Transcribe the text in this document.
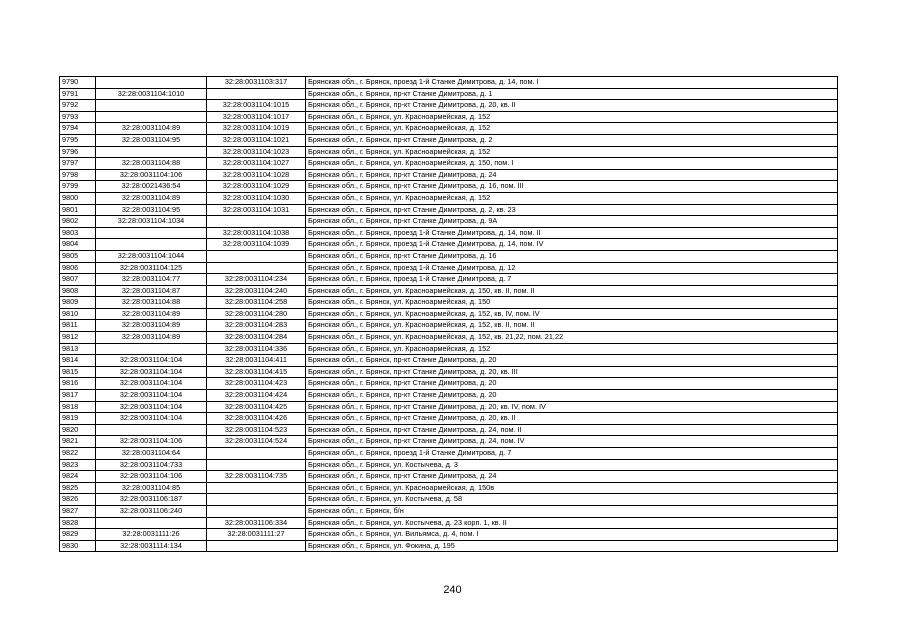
9790		32:28:0031103:317	Брянская обл., г. Брянск, проезд 1-й Станке Димитрова, д. 14, пом. I
9791	32:28:0031104:1010		Брянская обл., г. Брянск, пр-кт Станке Димитрова, д. 1
9792		32:28:0031104:1015	Брянская обл., г. Брянск, пр-кт Станке Димитрова, д. 20, кв. II
9793		32:28:0031104:1017	Брянская обл., г. Брянск, ул. Красноармейская, д. 152
9794	32:28:0031104:89	32:28:0031104:1019	Брянская обл., г. Брянск, ул. Красноармейская, д. 152
9795	32:28:0031104:95	32:28:0031104:1021	Брянская обл., г. Брянск, пр-кт Станке Димитрова, д. 2
9796		32:28:0031104:1023	Брянская обл., г. Брянск, ул. Красноармейская, д. 152
9797	32:28:0031104:88	32:28:0031104:1027	Брянская обл., г. Брянск, ул. Красноармейская, д. 150, пом. I
9798	32:28:0031104:106	32:28:0031104:1028	Брянская обл., г. Брянск, пр-кт Станке Димитрова, д. 24
9799	32:28:0021436:54	32:28:0031104:1029	Брянская обл., г. Брянск, пр-кт Станке Димитрова, д. 16, пом. III
9800	32:28:0031104:89	32:28:0031104:1030	Брянская обл., г. Брянск, ул. Красноармейская, д. 152
9801	32:28:0031104:95	32:28:0031104:1031	Брянская обл., г. Брянск, пр-кт Станке Димитрова, д. 2, кв. 23
9802	32:28:0031104:1034		Брянская обл., г. Брянск, пр-кт Станке Димитрова, д. 9А
9803		32:28:0031104:1038	Брянская обл., г. Брянск, проезд 1-й Станке Димитрова, д. 14, пом. II
9804		32:28:0031104:1039	Брянская обл., г. Брянск, проезд 1-й Станке Димитрова, д. 14, пом. IV
9805	32:28:0031104:1044		Брянская обл., г. Брянск, пр-кт Станке Димитрова, д. 16
9806	32:28:0031104:125		Брянская обл., г. Брянск, проезд 1-й Станке Димитрова, д. 12
9807	32:28:0031104:77	32:28:0031104:234	Брянская обл., г. Брянск, проезд 1-й Станке Димитрова, д. 7
9808	32:28:0031104:87	32:28:0031104:240	Брянская обл., г. Брянск, ул. Красноармейская, д. 150, кв. II, пом. II
9809	32:28:0031104:88	32:28:0031104:258	Брянская обл., г. Брянск, ул. Красноармейская, д. 150
9810	32:28:0031104:89	32:28:0031104:280	Брянская обл., г. Брянск, ул. Красноармейская, д. 152, кв. IV, пом. IV
9811	32:28:0031104:89	32:28:0031104:283	Брянская обл., г. Брянск, ул. Красноармейская, д. 152, кв. II, пом. II
9812	32:28:0031104:89	32:28:0031104:284	Брянская обл., г. Брянск, ул. Красноармейская, д. 152, кв. 21,22, пом. 21,22
9813		32:28:0031104:336	Брянская обл., г. Брянск, ул. Красноармейская, д. 152
9814	32:28:0031104:104	32:28:0031104:411	Брянская обл., г. Брянск, пр-кт Станке Димитрова, д. 20
9815	32:28:0031104:104	32:28:0031104:415	Брянская обл., г. Брянск, пр-кт Станке Димитрова, д. 20, кв. III
9816	32:28:0031104:104	32:28:0031104:423	Брянская обл., г. Брянск, пр-кт Станке Димитрова, д. 20
9817	32:28:0031104:104	32:28:0031104:424	Брянская обл., г. Брянск, пр-кт Станке Димитрова, д. 20
9818	32:28:0031104:104	32:28:0031104:425	Брянская обл., г. Брянск, пр-кт Станке Димитрова, д. 20, кв. IV, пом. IV
9819	32:28:0031104:104	32:28:0031104:426	Брянская обл., г. Брянск, пр-кт Станке Димитрова, д. 20, кв. II
9820		32:28:0031104:523	Брянская обл., г. Брянск, пр-кт Станке Димитрова, д. 24, пом. II
9821	32:28:0031104:106	32:28:0031104:524	Брянская обл., г. Брянск, пр-кт Станке Димитрова, д. 24, пом. IV
9822	32:28:0031104:64		Брянская обл., г. Брянск, проезд 1-й Станке Димитрова, д. 7
9823	32:28:0031104:733		Брянская обл., г. Брянск, ул. Костычева, д. 3
9824	32:28:0031104:106	32:28:0031104:735	Брянская обл., г. Брянск, пр-кт Станке Димитрова, д. 24
9825	32:28:0031104:85		Брянская обл., г. Брянск, ул. Красноармейская, д. 150в
9826	32:28:0031106:187		Брянская обл., г. Брянск, ул. Костычева, д. 58
9827	32:28:0031106:240		Брянская обл., г. Брянск, б/н
9828		32:28:0031106:334	Брянская обл., г. Брянск, ул. Костычева, д. 23 корп. 1, кв. II
9829	32:28:0031111:26	32:28:0031111:27	Брянская обл., г. Брянск, ул. Вильямса, д. 4, пом. I
9830	32:28:0031114:134		Брянская обл., г. Брянск, ул. Фокина, д. 195
240
